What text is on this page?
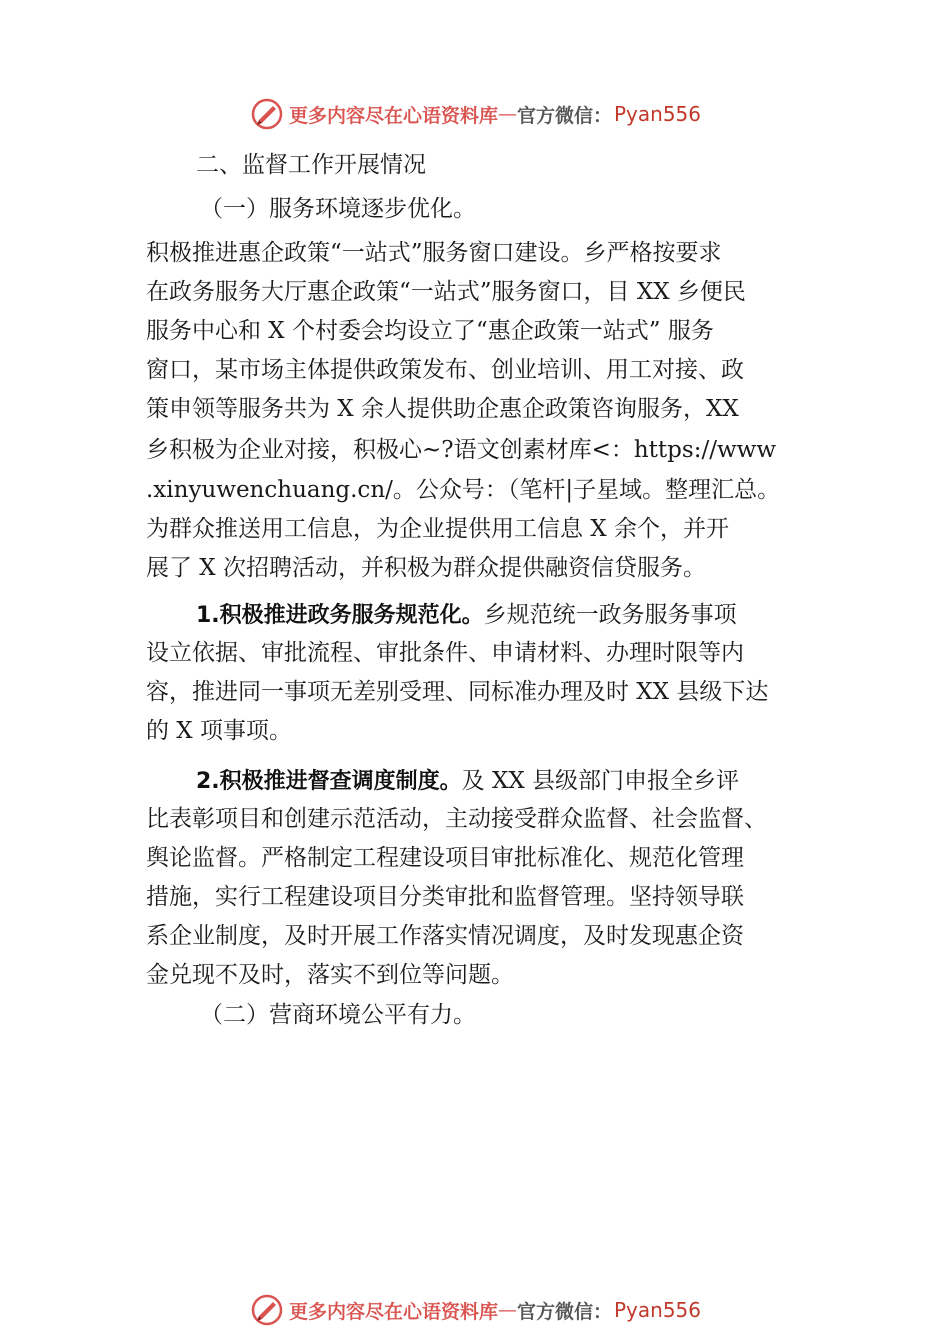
更多内容尽在心语资料库 — 官方微信： Pyan556
二、监督工作开展情况
（一）服务环境逐步优化。
积极推进惠企政策“一站式”服务窗口建设。乡严格按要求
在政务服务大厅惠企政策“一站式”服务窗口，目 XX 乡便民
服务中心和 X 个村委会均设立了“惠企政策一站式” 服务
窗口，某市场主体提供政策发布、创业培训、用工对接、政
策申领等服务共为 X 余人提供助企惠企政策咨询服务，XX
乡积极为企业对接，积极心~?语文创素材库<：https://www
.xinyuwenchuang.cn/。公众号：（笔杆|子星域。整理汇总。
为群众推送用工信息，为企业提供用工信息 X 余个，并开
展了 X 次招聘活动，并积极为群众提供融资信贷服务。
1.积极推进政务服务规范化。乡规范统一政务服务事项
设立依据、审批流程、审批条件、申请材料、办理时限等内
容，推进同一事项无差别受理、同标准办理及时 XX 县级下达
的 X 项事项。
2.积极推进督查调度制度。及 XX 县级部门申报全乡评
比表彰项目和创建示范活动，主动接受群众监督、社会监督、
舆论监督。严格制定工程建设项目审批标准化、规范化管理
措施，实行工程建设项目分类审批和监督管理。坚持领导联
系企业制度，及时开展工作落实情况调度，及时发现惠企资
金兑现不及时，落实不到位等问题。
（二）营商环境公平有力。
更多内容尽在心语资料库 — 官方微信： Pyan556
